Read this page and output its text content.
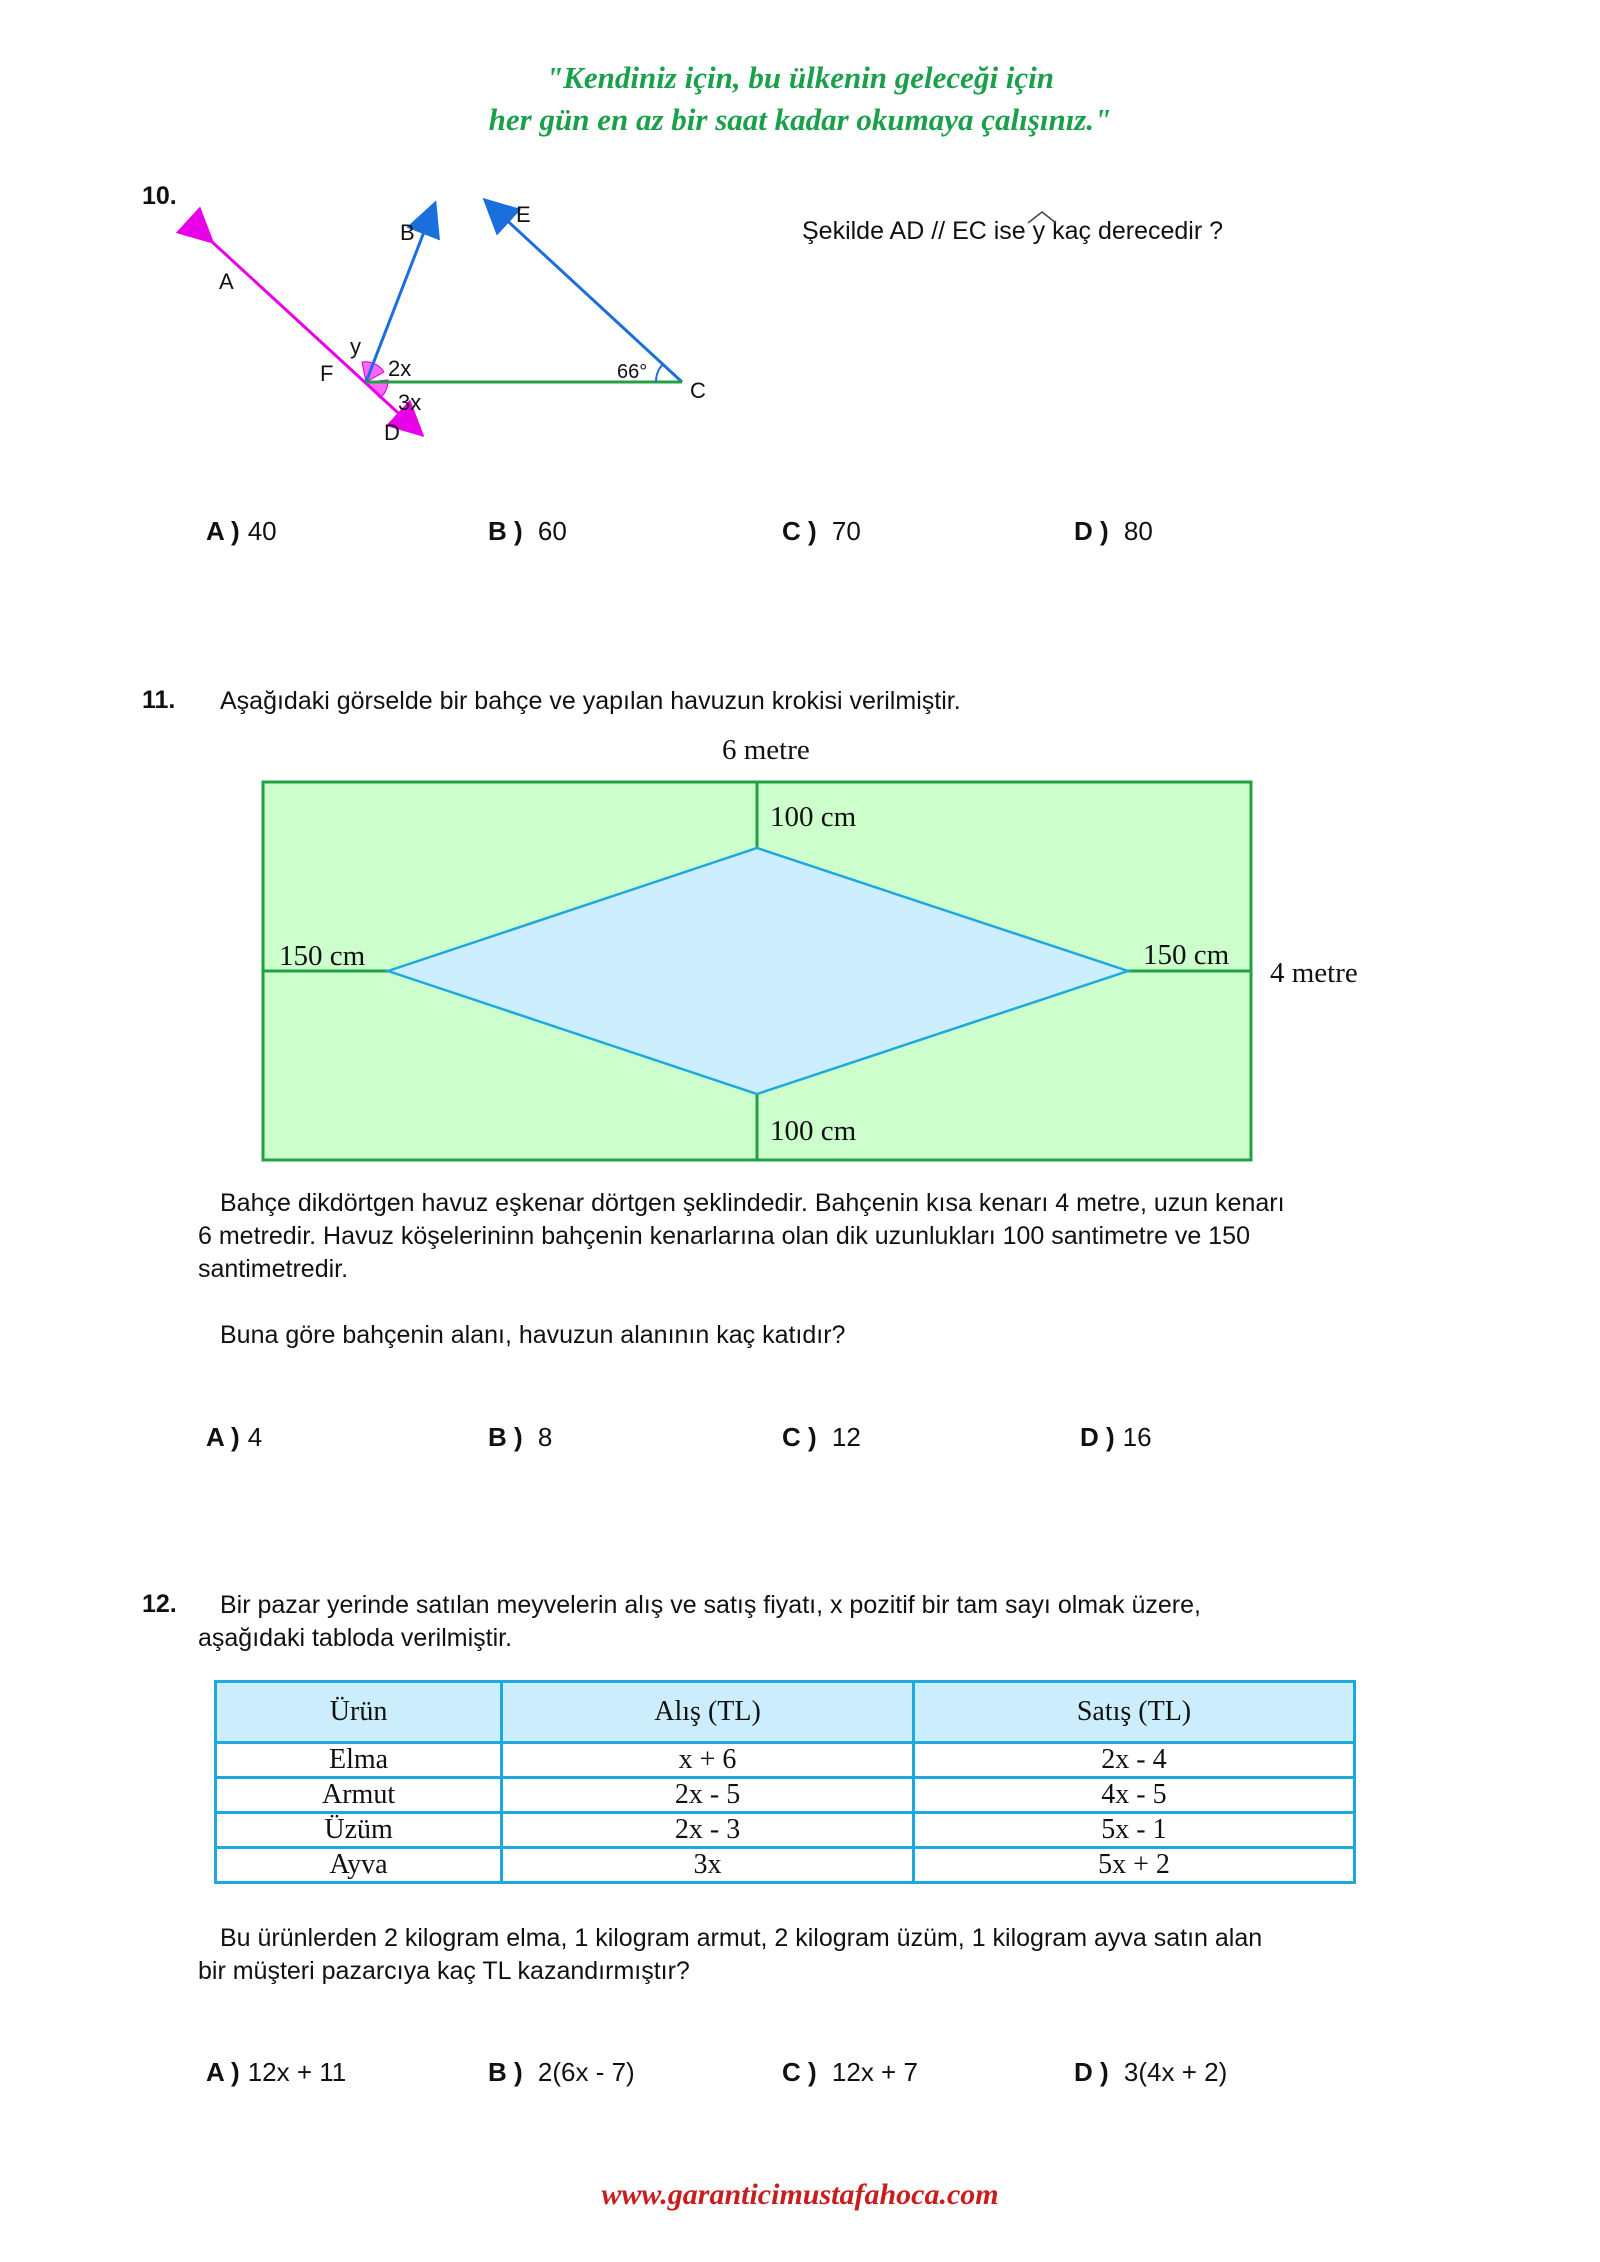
"Kendiniz için, bu ülkenin geleceği için
her gün en az bir saat kadar okumaya çalışınız."
10.
A
B
E
F
D
C
y
2x
3x
66°
Şekilde AD // EC ise y
kaç derecedir ?
A ) 40	B ) 60	C ) 70	D ) 80
11. Aşağıdaki görselde bir bahçe ve yapılan havuzun krokisi verilmiştir.
6 metre
100 cm
100 cm
150 cm	150 cm
4 metre
Bahçe dikdörtgen havuz eşkenar dörtgen şeklindedir. Bahçenin kısa kenarı 4 metre, uzun kenarı
6 metredir. Havuz köşelerininn bahçenin kenarlarına olan dik uzunlukları 100 santimetre ve 150
santimetredir.
Buna göre bahçenin alanı, havuzun alanının kaç katıdır?
A ) 4	B ) 8	C ) 12	D ) 16
12. Bir pazar yerinde satılan meyvelerin alış ve satış fiyatı, x pozitif bir tam sayı olmak üzere,
aşağıdaki tabloda verilmiştir.
Ürün	Alış (TL)	Satış (TL)
Elma	x + 6	2x - 4
Armut	2x - 5	4x - 5
Üzüm	2x - 3	5x - 1
Ayva	3x	5x + 2
Bu ürünlerden 2 kilogram elma, 1 kilogram armut, 2 kilogram üzüm, 1 kilogram ayva satın alan
bir müşteri pazarcıya kaç TL kazandırmıştır?
A ) 12x + 11	B ) 2(6x - 7)	C ) 12x + 7	D ) 3(4x + 2)
www.garanticimustafahoca.com
